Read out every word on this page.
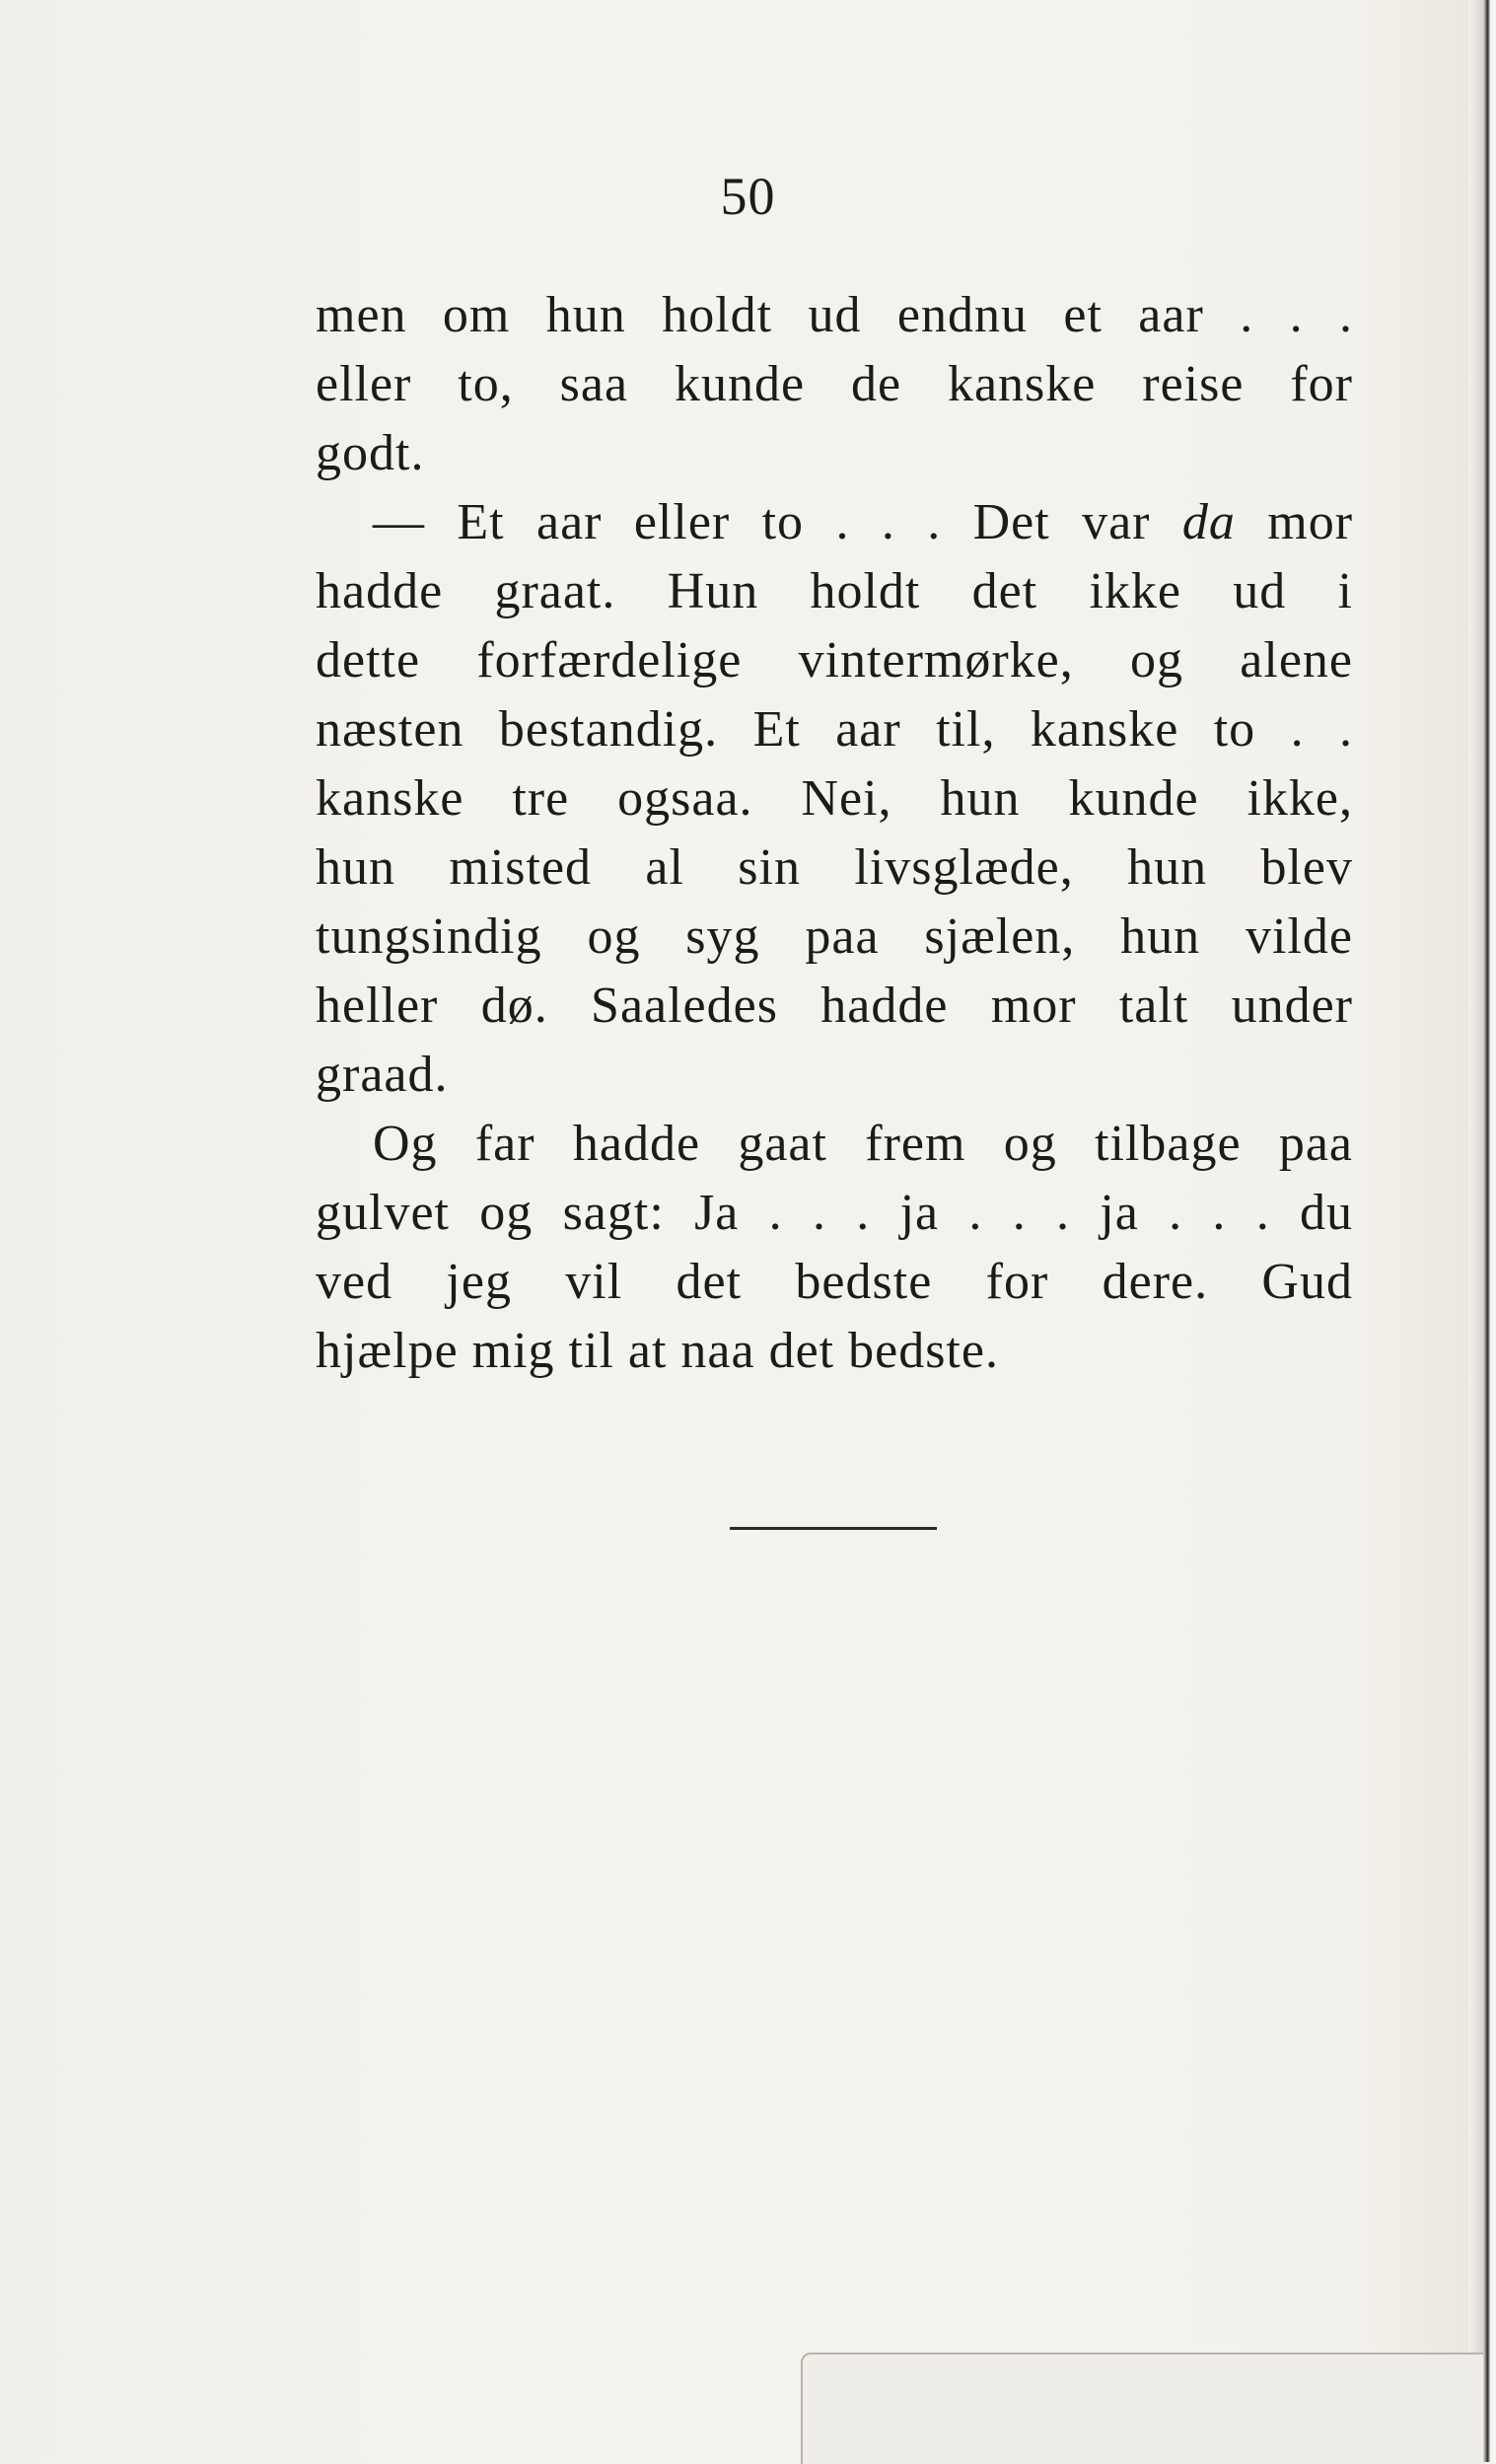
50
men om hun holdt ud endnu et aar . . .
eller to, saa kunde de kanske reise for
godt.
— Et aar eller to . . . Det var da mor
hadde graat. Hun holdt det ikke ud i
dette forfærdelige vintermørke, og alene
næsten bestandig. Et aar til, kanske to . .
kanske tre ogsaa. Nei, hun kunde ikke,
hun misted al sin livsglæde, hun blev
tungsindig og syg paa sjælen, hun vilde
heller dø. Saaledes hadde mor talt under
graad.
Og far hadde gaat frem og tilbage paa
gulvet og sagt: Ja . . . ja . . . ja . . . du
ved jeg vil det bedste for dere. Gud
hjælpe mig til at naa det bedste.
